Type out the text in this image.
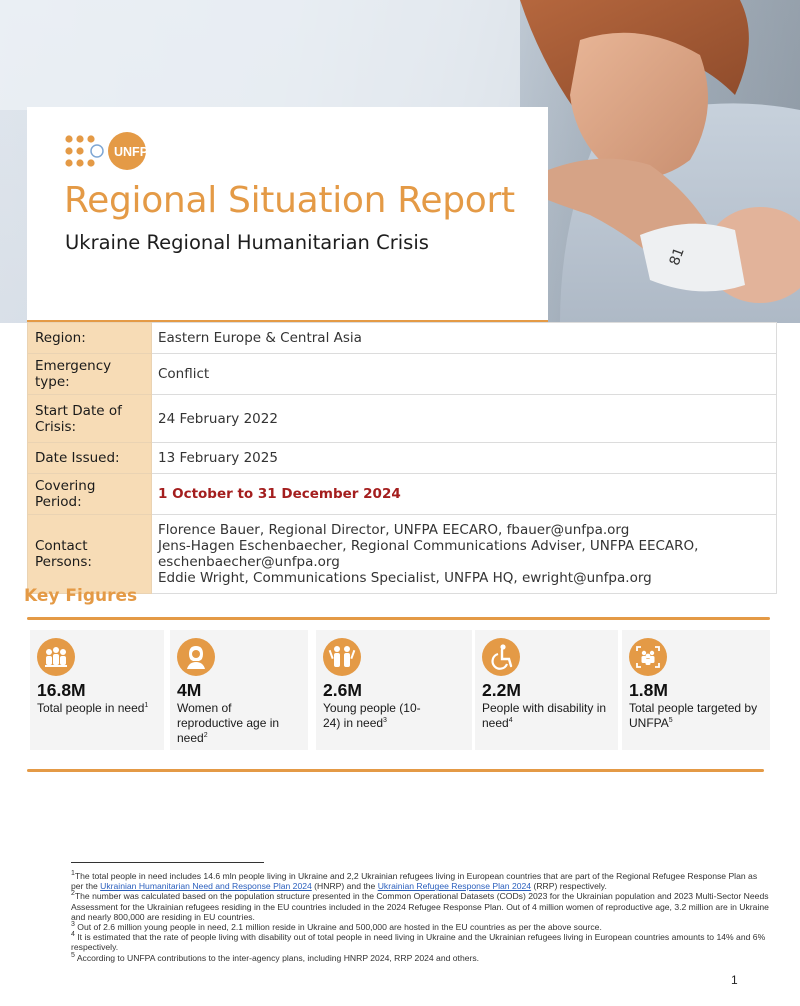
81
UNFPA
Regional Situation Report
Ukraine Regional Humanitarian Crisis
Region:	Eastern Europe & Central Asia
Emergency type:	Conflict
Start Date of Crisis:	24 February 2022
Date Issued:	13 February 2025
Covering Period:	1 October to 31 December 2024
Contact Persons:	Florence Bauer, Regional Director, UNFPA EECARO, fbauer@unfpa.org
Jens-Hagen Eschenbaecher, Regional Communications Adviser, UNFPA EECARO,
eschenbaecher@unfpa.org
Eddie Wright, Communications Specialist, UNFPA HQ, ewright@unfpa.org
Key Figures
16.8M
Total people in need$^1$
4M
Women of reproductive age in need$^2$
2.6M
Young people (10-24) in need$^3$
2.2M
People with disability in need$^4$
1.8M
Total people targeted by UNFPA$^5$
$^1$The total people in need includes 14.6 mln people living in Ukraine and 2,2 Ukrainian refugees living in European countries that are part of the Regional Refugee Response Plan as per the Ukrainian Humanitarian Need and Response Plan 2024 (HNRP) and the Ukrainian Refugee Response Plan 2024 (RRP) respectively.
$^2$The number was calculated based on the population structure presented in the Common Operational Datasets (CODs) 2023 for the Ukrainian population and 2023 Multi-Sector Needs Assessment for the Ukrainian refugees residing in the EU countries included in the 2024 Refugee Response Plan. Out of 4 million women of reproductive age, 3.2 million are in Ukraine and nearly 800,000 are residing in EU countries.
$^3$ Out of 2.6 million young people in need, 2.1 million reside in Ukraine and 500,000 are hosted in the EU countries as per the above source.
$^4$ It is estimated that the rate of people living with disability out of total people in need living in Ukraine and the Ukrainian refugees living in European countries amounts to 14% and 6% respectively.
$^5$ According to UNFPA contributions to the inter-agency plans, including HNRP 2024, RRP 2024 and others.
1
